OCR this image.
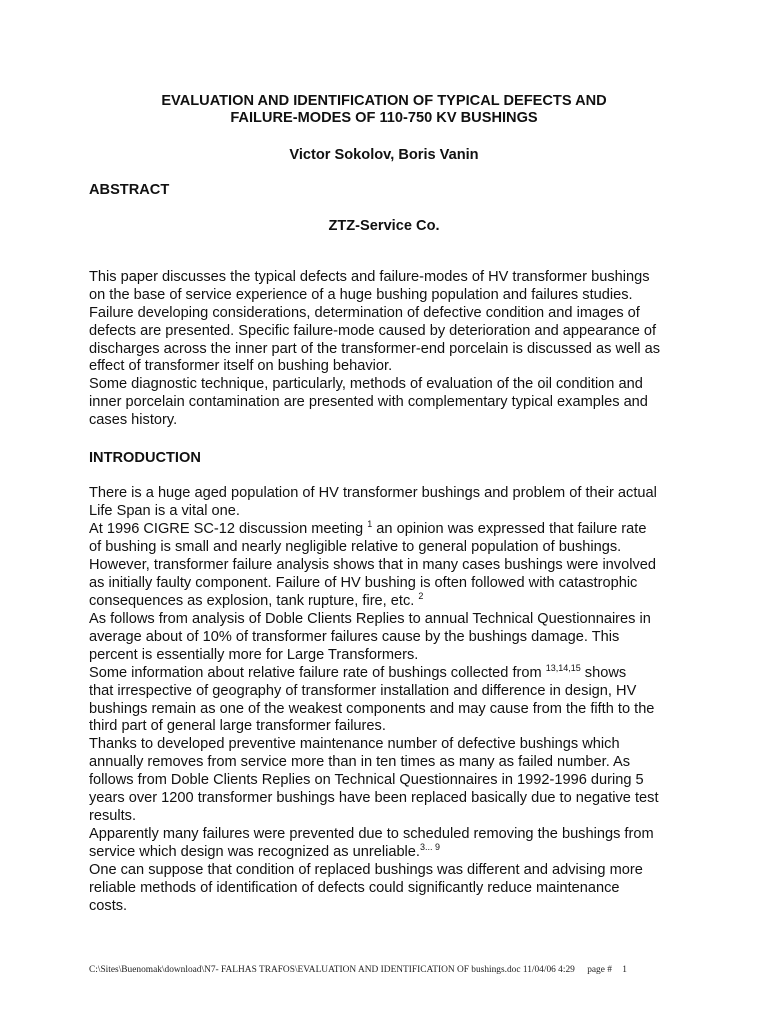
EVALUATION AND IDENTIFICATION OF TYPICAL DEFECTS AND
FAILURE-MODES OF 110-750 KV BUSHINGS
Victor Sokolov, Boris Vanin
ABSTRACT
ZTZ-Service Co.
This paper discusses the typical defects and failure-modes of HV transformer bushings
on the base of service experience of a huge bushing population and failures studies.
Failure developing considerations, determination of defective condition and images of
defects are presented. Specific failure-mode caused by deterioration and appearance of
discharges across the inner part of the transformer-end porcelain is discussed as well as
effect of transformer itself on bushing behavior.
Some diagnostic technique, particularly, methods of evaluation of the oil condition and
inner porcelain contamination are presented with complementary typical examples and
cases history.
INTRODUCTION
There is a huge aged population of HV transformer bushings and problem of their actual
Life Span is a vital one.
At 1996 CIGRE SC-12 discussion meeting $^1$ an opinion was expressed that failure rate
of bushing is small and nearly negligible relative to general population of bushings.
However, transformer failure analysis shows that in many cases bushings were involved
as initially faulty component. Failure of HV bushing is often followed with catastrophic
consequences as explosion, tank rupture, fire, etc. $^2$
As follows from analysis of Doble Clients Replies to annual Technical Questionnaires in
average about of 10% of transformer failures cause by the bushings damage. This
percent is essentially more for Large Transformers.
Some information about relative failure rate of bushings collected from $^{13,14,15}$ shows
that irrespective of geography of transformer installation and difference in design, HV
bushings remain as one of the weakest components and may cause from the fifth to the
third part of general large transformer failures.
Thanks to developed preventive maintenance number of defective bushings which
annually removes from service more than in ten times as many as failed number. As
follows from Doble Clients Replies on Technical Questionnaires in 1992-1996 during 5
years over 1200 transformer bushings have been replaced basically due to negative test
results.
Apparently many failures were prevented due to scheduled removing the bushings from
service which design was recognized as unreliable.$^{3... 9}$
One can suppose that condition of replaced bushings was different and advising more
reliable methods of identification of defects could significantly reduce maintenance
costs.
C:\Sites\Buenomak\download\N7- FALHAS TRAFOS\EVALUATION AND IDENTIFICATION OF bushings.doc 11/04/06 4:29 page # 1
